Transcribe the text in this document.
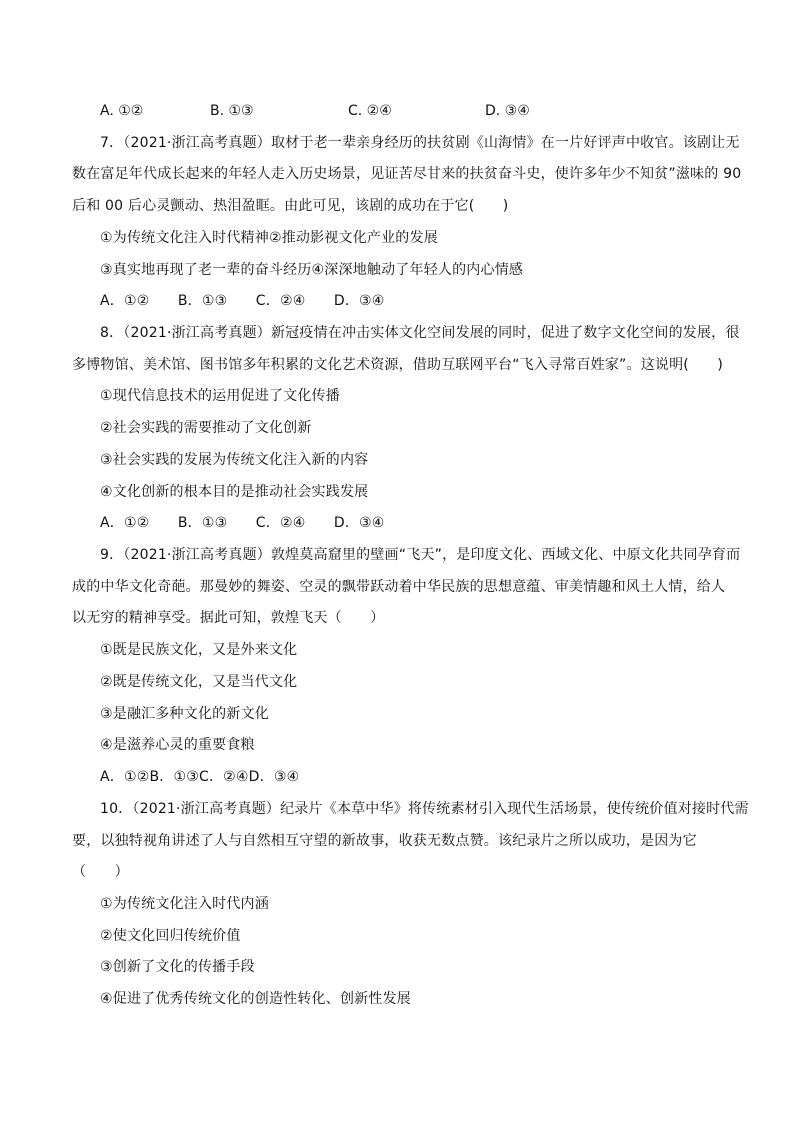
A. ①②	B. ①③	C. ②④	D. ③④
7．（2021·浙江高考真题）取材于老一辈亲身经历的扶贫剧《山海情》在一片好评声中收官。该剧让无
数在富足年代成长起来的年轻人走入历史场景，见证苦尽甘来的扶贫奋斗史，使许多年少不知贫”滋味的 90
后和 00 后心灵颤动、热泪盈眶。由此可见，该剧的成功在于它(　　)
①为传统文化注入时代精神②推动影视文化产业的发展
③真实地再现了老一辈的奋斗经历④深深地触动了年轻人的内心情感
A．①②　　B．①③　　C．②④　　D．③④
8．（2021·浙江高考真题）新冠疫情在冲击实体文化空间发展的同时，促进了数字文化空间的发展，很
多博物馆、美术馆、图书馆多年积累的文化艺术资源，借助互联网平台“飞入寻常百姓家”。这说明(　　)
①现代信息技术的运用促进了文化传播
②社会实践的需要推动了文化创新
③社会实践的发展为传统文化注入新的内容
④文化创新的根本目的是推动社会实践发展
A．①②　　B．①③　　C．②④　　D．③④
9．（2021·浙江高考真题）敦煌莫高窟里的壁画“飞天”，是印度文化、西域文化、中原文化共同孕育而
成的中华文化奇葩。那曼妙的舞姿、空灵的飘带跃动着中华民族的思想意蕴、审美情趣和风土人情，给人
以无穷的精神享受。据此可知，敦煌飞天（　　）
①既是民族文化，又是外来文化
②既是传统文化，又是当代文化
③是融汇多种文化的新文化
④是滋养心灵的重要食粮
A．①②B．①③C．②④D．③④
10．（2021·浙江高考真题）纪录片《本草中华》将传统素材引入现代生活场景，使传统价值对接时代需
要，以独特视角讲述了人与自然相互守望的新故事，收获无数点赞。该纪录片之所以成功，是因为它
（　　）
①为传统文化注入时代内涵
②使文化回归传统价值
③创新了文化的传播手段
④促进了优秀传统文化的创造性转化、创新性发展
